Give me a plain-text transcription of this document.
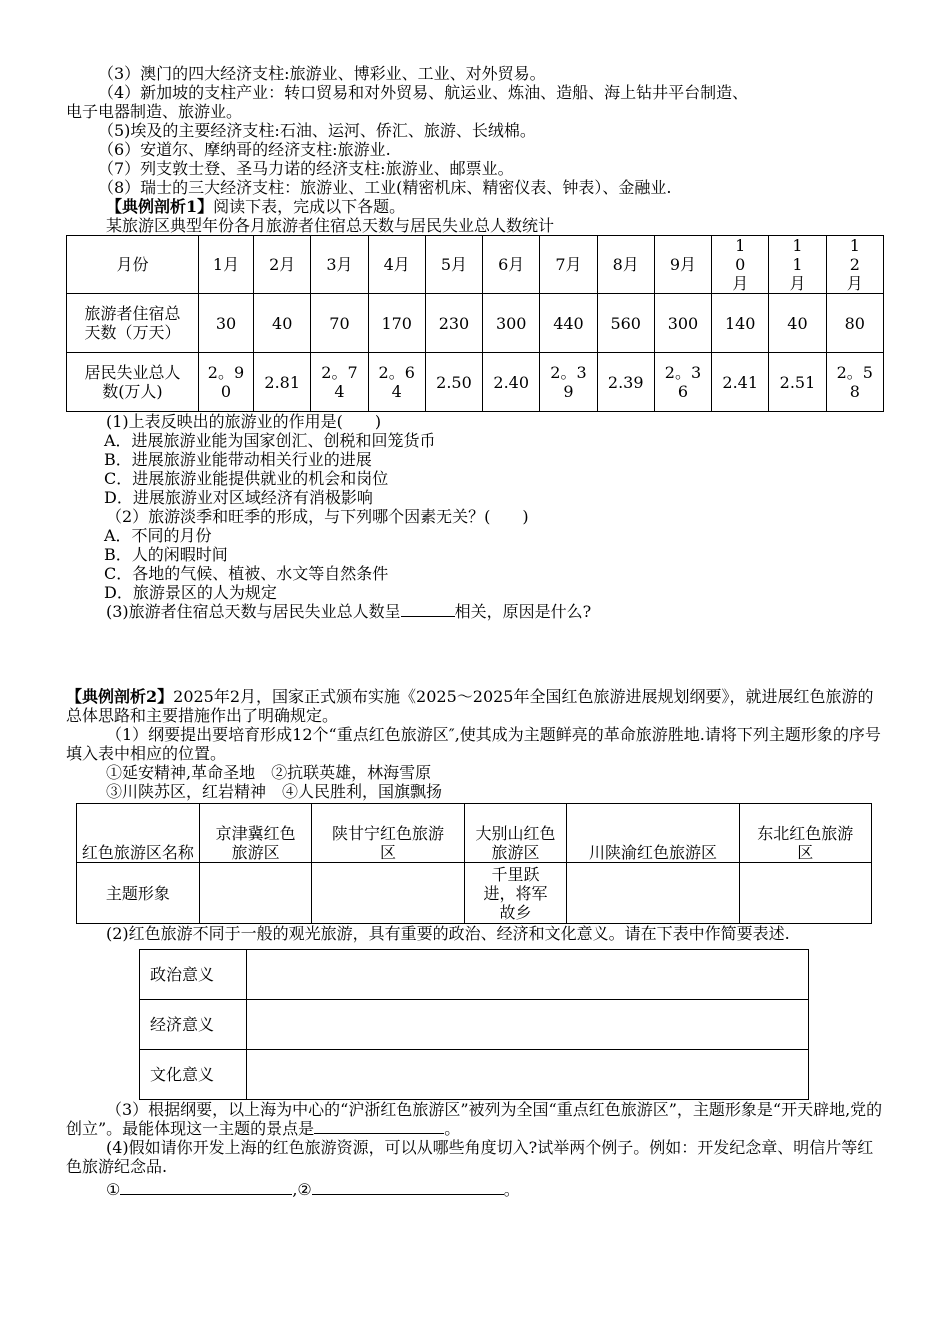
（3）澳门的四大经济支柱:旅游业、博彩业、工业、对外贸易。
（4）新加坡的支柱产业：转口贸易和对外贸易、航运业、炼油、造船、海上钻井平台制造、
电子电器制造、旅游业。
（5)埃及的主要经济支柱:石油、运河、侨汇、旅游、长绒棉。
（6）安道尔、摩纳哥的经济支柱:旅游业.
（7）列支敦士登、圣马力诺的经济支柱:旅游业、邮票业。
（8）瑞士的三大经济支柱：旅游业、工业(精密机床、精密仪表、钟表）、金融业.
【典例剖析1】阅读下表，完成以下各题。
某旅游区典型年份各月旅游者住宿总天数与居民失业总人数统计
月份	1月	2月	3月	4月	5月	6月	7月	8月	9月	10月	11月	12月

旅游者住宿总天数（万天）	30	40	70	170	230	300	440	560	300	140	40	80

居民失业总人数(万人)	2。90	2.81	2。74	2。64	2.50	2.40	2。39	2.39	2。36	2.41	2.51	2。58
(1)上表反映出的旅游业的作用是(　　)
A．进展旅游业能为国家创汇、创税和回笼货币
B．进展旅游业能带动相关行业的进展
C．进展旅游业能提供就业的机会和岗位
D．进展旅游业对区域经济有消极影响
（2）旅游淡季和旺季的形成，与下列哪个因素无关？(　　)
A．不同的月份
B．人的闲暇时间
C．各地的气候、植被、水文等自然条件
D．旅游景区的人为规定
(3)旅游者住宿总天数与居民失业总人数呈	相关，原因是什么?
【典例剖析2】2025年2月，国家正式颁布实施《2025～2025年全国红色旅游进展规划纲要》，就进展红色旅游的总体思路和主要措施作出了明确规定。
（1）纲要提出要培育形成12个“重点红色旅游区″,使其成为主题鲜亮的革命旅游胜地.请将下列主题形象的序号填入表中相应的位置。
①延安精神,革命圣地　②抗联英雄，林海雪原
③川陕苏区，红岩精神　④人民胜利，国旗飘扬
红色旅游区名称	京津冀红色旅游区	陕甘宁红色旅游区	大别山红色旅游区	川陕渝红色旅游区	东北红色旅游区

主题形象			千里跃进，将军故乡		

(2)红色旅游不同于一般的观光旅游，具有重要的政治、经济和文化意义。请在下表中作简要表述.
政治意义	
经济意义	
文化意义	
（3）根据纲要，以上海为中心的“沪浙红色旅游区”被列为全国“重点红色旅游区”，主题形象是“开天辟地,党的创立”。最能体现这一主题的景点是	。
(4)假如请你开发上海的红色旅游资源，可以从哪些角度切入?试举两个例子。例如：开发纪念章、明信片等红色旅游纪念品.
①	,②	。
